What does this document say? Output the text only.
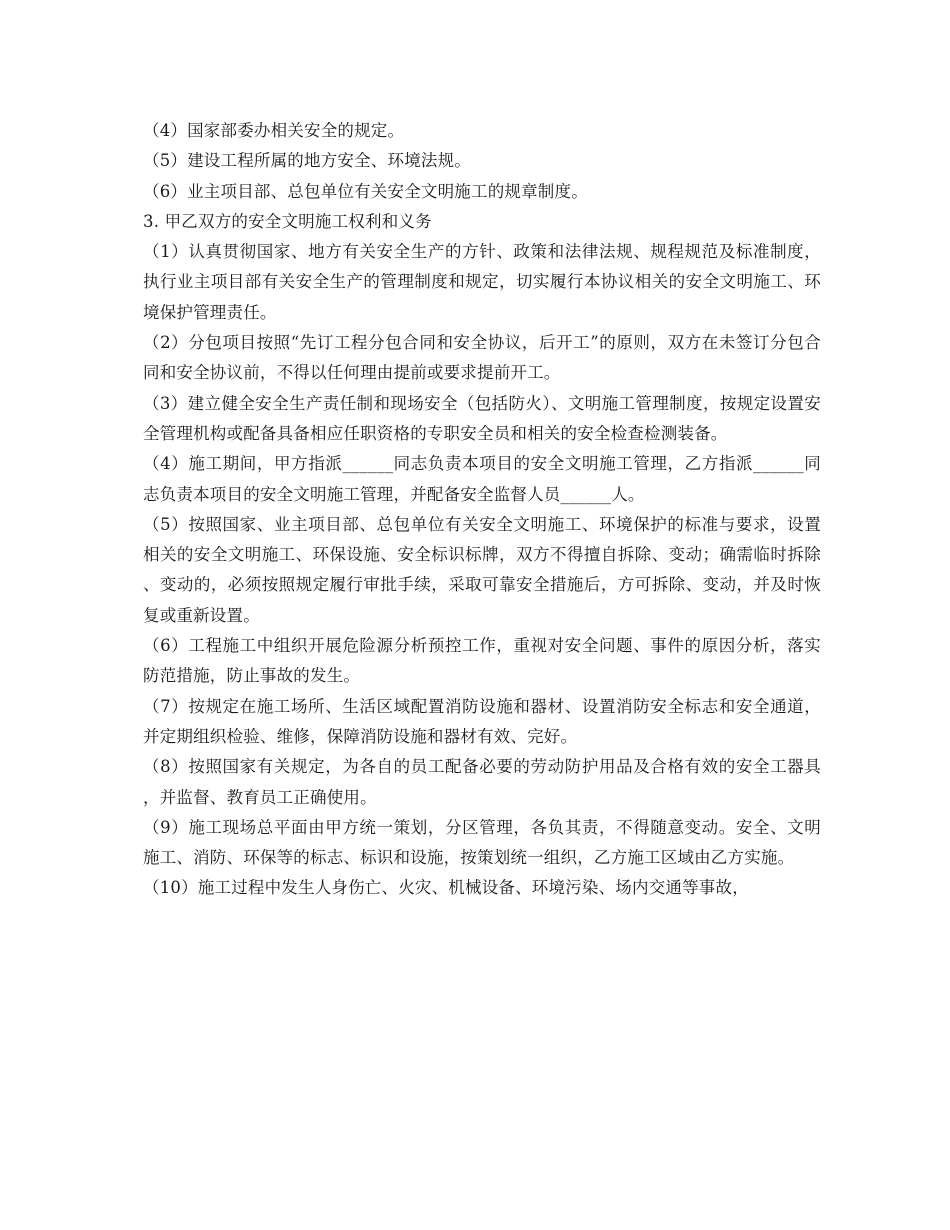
（4）国家部委办相关安全的规定。

（5）建设工程所属的地方安全、环境法规。

（6）业主项目部、总包单位有关安全文明施工的规章制度。

3. 甲乙双方的安全文明施工权利和义务

（1）认真贯彻国家、地方有关安全生产的方针、政策和法律法规、规程规范及标准制度，执行业主项目部有关安全生产的管理制度和规定，切实履行本协议相关的安全文明施工、环境保护管理责任。

（2）分包项目按照“先订工程分包合同和安全协议，后开工”的原则，双方在未签订分包合同和安全协议前，不得以任何理由提前或要求提前开工。

（3）建立健全安全生产责任制和现场安全（包括防火）、文明施工管理制度，按规定设置安全管理机构或配备具备相应任职资格的专职安全员和相关的安全检查检测装备。

（4）施工期间，甲方指派______同志负责本项目的安全文明施工管理，乙方指派______同志负责本项目的安全文明施工管理，并配备安全监督人员______人。

（5）按照国家、业主项目部、总包单位有关安全文明施工、环境保护的标准与要求，设置相关的安全文明施工、环保设施、安全标识标牌，双方不得擅自拆除、变动；确需临时拆除、变动的，必须按照规定履行审批手续，采取可靠安全措施后，方可拆除、变动，并及时恢复或重新设置。

（6）工程施工中组织开展危险源分析预控工作，重视对安全问题、事件的原因分析，落实防范措施，防止事故的发生。

（7）按规定在施工场所、生活区域配置消防设施和器材、设置消防安全标志和安全通道，并定期组织检验、维修，保障消防设施和器材有效、完好。

（8）按照国家有关规定，为各自的员工配备必要的劳动防护用品及合格有效的安全工器具，并监督、教育员工正确使用。

（9）施工现场总平面由甲方统一策划，分区管理，各负其责，不得随意变动。安全、文明施工、消防、环保等的标志、标识和设施，按策划统一组织，乙方施工区域由乙方实施。

（10）施工过程中发生人身伤亡、火灾、机械设备、环境污染、场内交通等事故，
